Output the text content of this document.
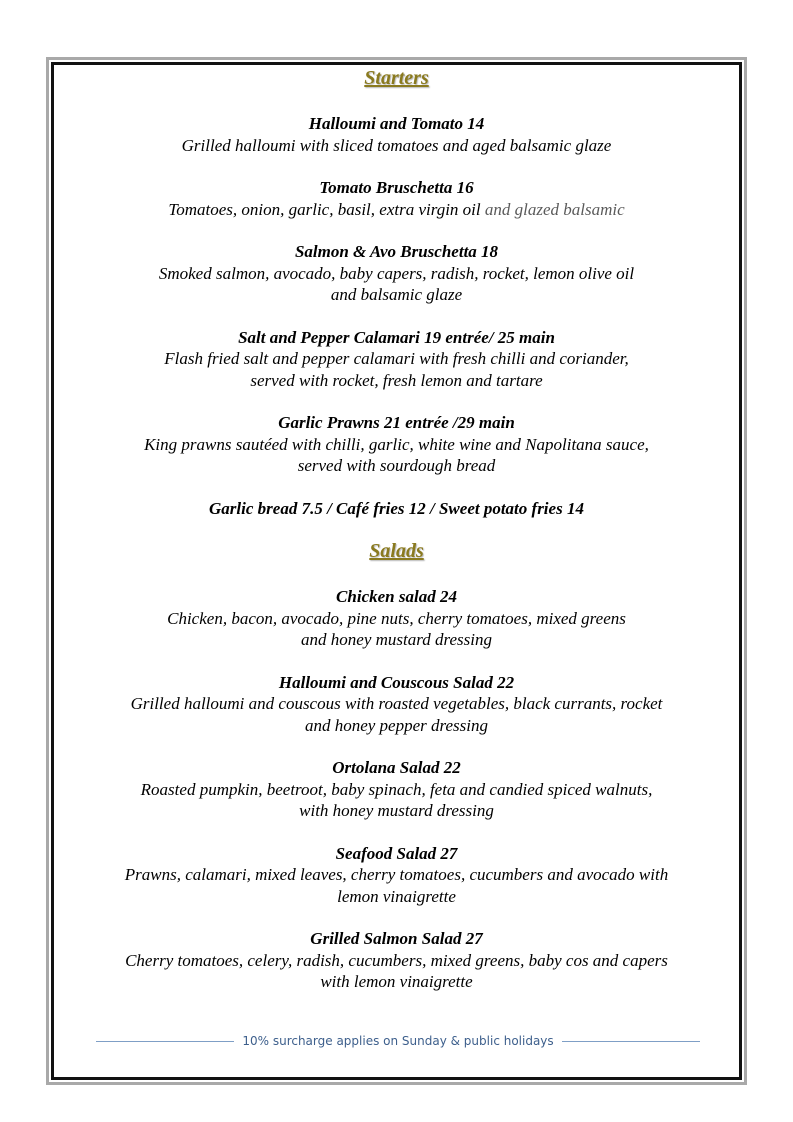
Starters

Halloumi and Tomato 14

Grilled halloumi with sliced tomatoes and aged balsamic glaze

Tomato Bruschetta 16

Tomatoes, onion, garlic, basil, extra virgin oil and glazed balsamic

Salmon & Avo Bruschetta 18

Smoked salmon, avocado, baby capers, radish, rocket, lemon olive oil

and balsamic glaze

Salt and Pepper Calamari 19 entrée/ 25 main

Flash fried salt and pepper calamari with fresh chilli and coriander,

served with rocket, fresh lemon and tartare

Garlic Prawns 21 entrée /29 main

King prawns sautéed with chilli, garlic, white wine and Napolitana sauce,

served with sourdough bread

Garlic bread 7.5 / Café fries 12 / Sweet potato fries 14

Salads

Chicken salad 24

Chicken, bacon, avocado, pine nuts, cherry tomatoes, mixed greens

and honey mustard dressing

Halloumi and Couscous Salad 22

Grilled halloumi and couscous with roasted vegetables, black currants, rocket

and honey pepper dressing

Ortolana Salad 22

Roasted pumpkin, beetroot, baby spinach, feta and candied spiced walnuts,

with honey mustard dressing

Seafood Salad 27

Prawns, calamari, mixed leaves, cherry tomatoes, cucumbers and avocado with

lemon vinaigrette

Grilled Salmon Salad 27

Cherry tomatoes, celery, radish, cucumbers, mixed greens, baby cos and capers

with lemon vinaigrette

10% surcharge applies on Sunday & public holidays
